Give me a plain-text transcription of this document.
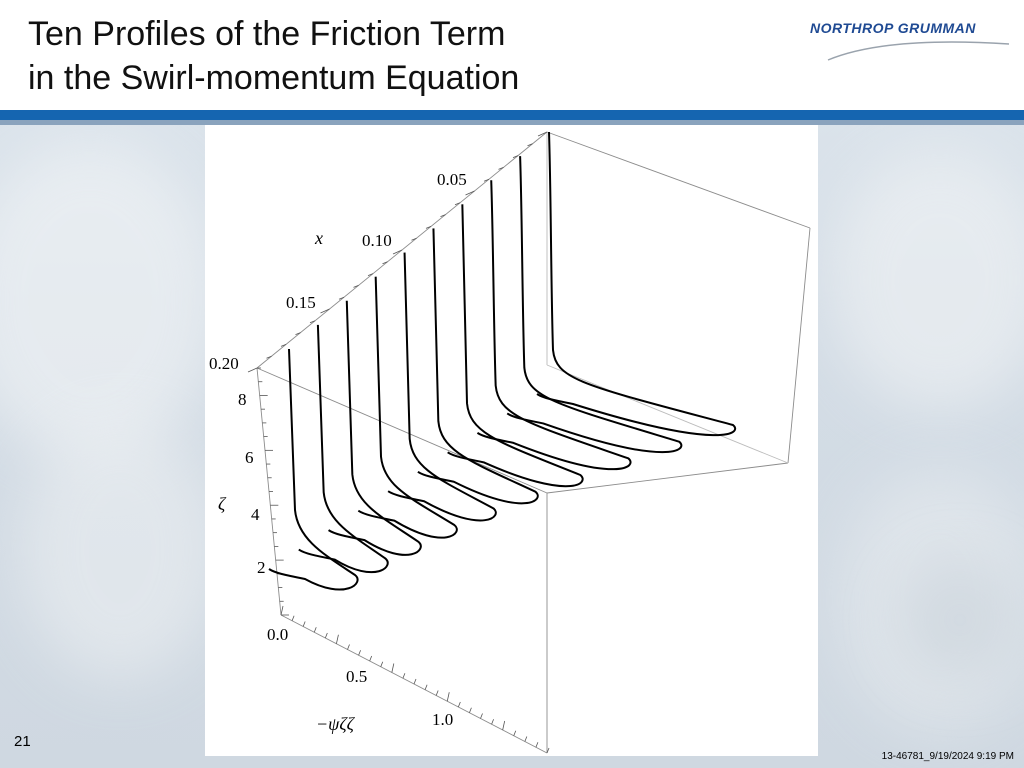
Ten Profiles of the Friction Term
in the Swirl-momentum Equation
NORTHROP GRUMMAN
0.05
0.10
0.15
0.20
x
8
6
4
2
0.0
ζ
0.5
1.0
−ψζζ
21
13-46781_9/19/2024 9:19 PM
